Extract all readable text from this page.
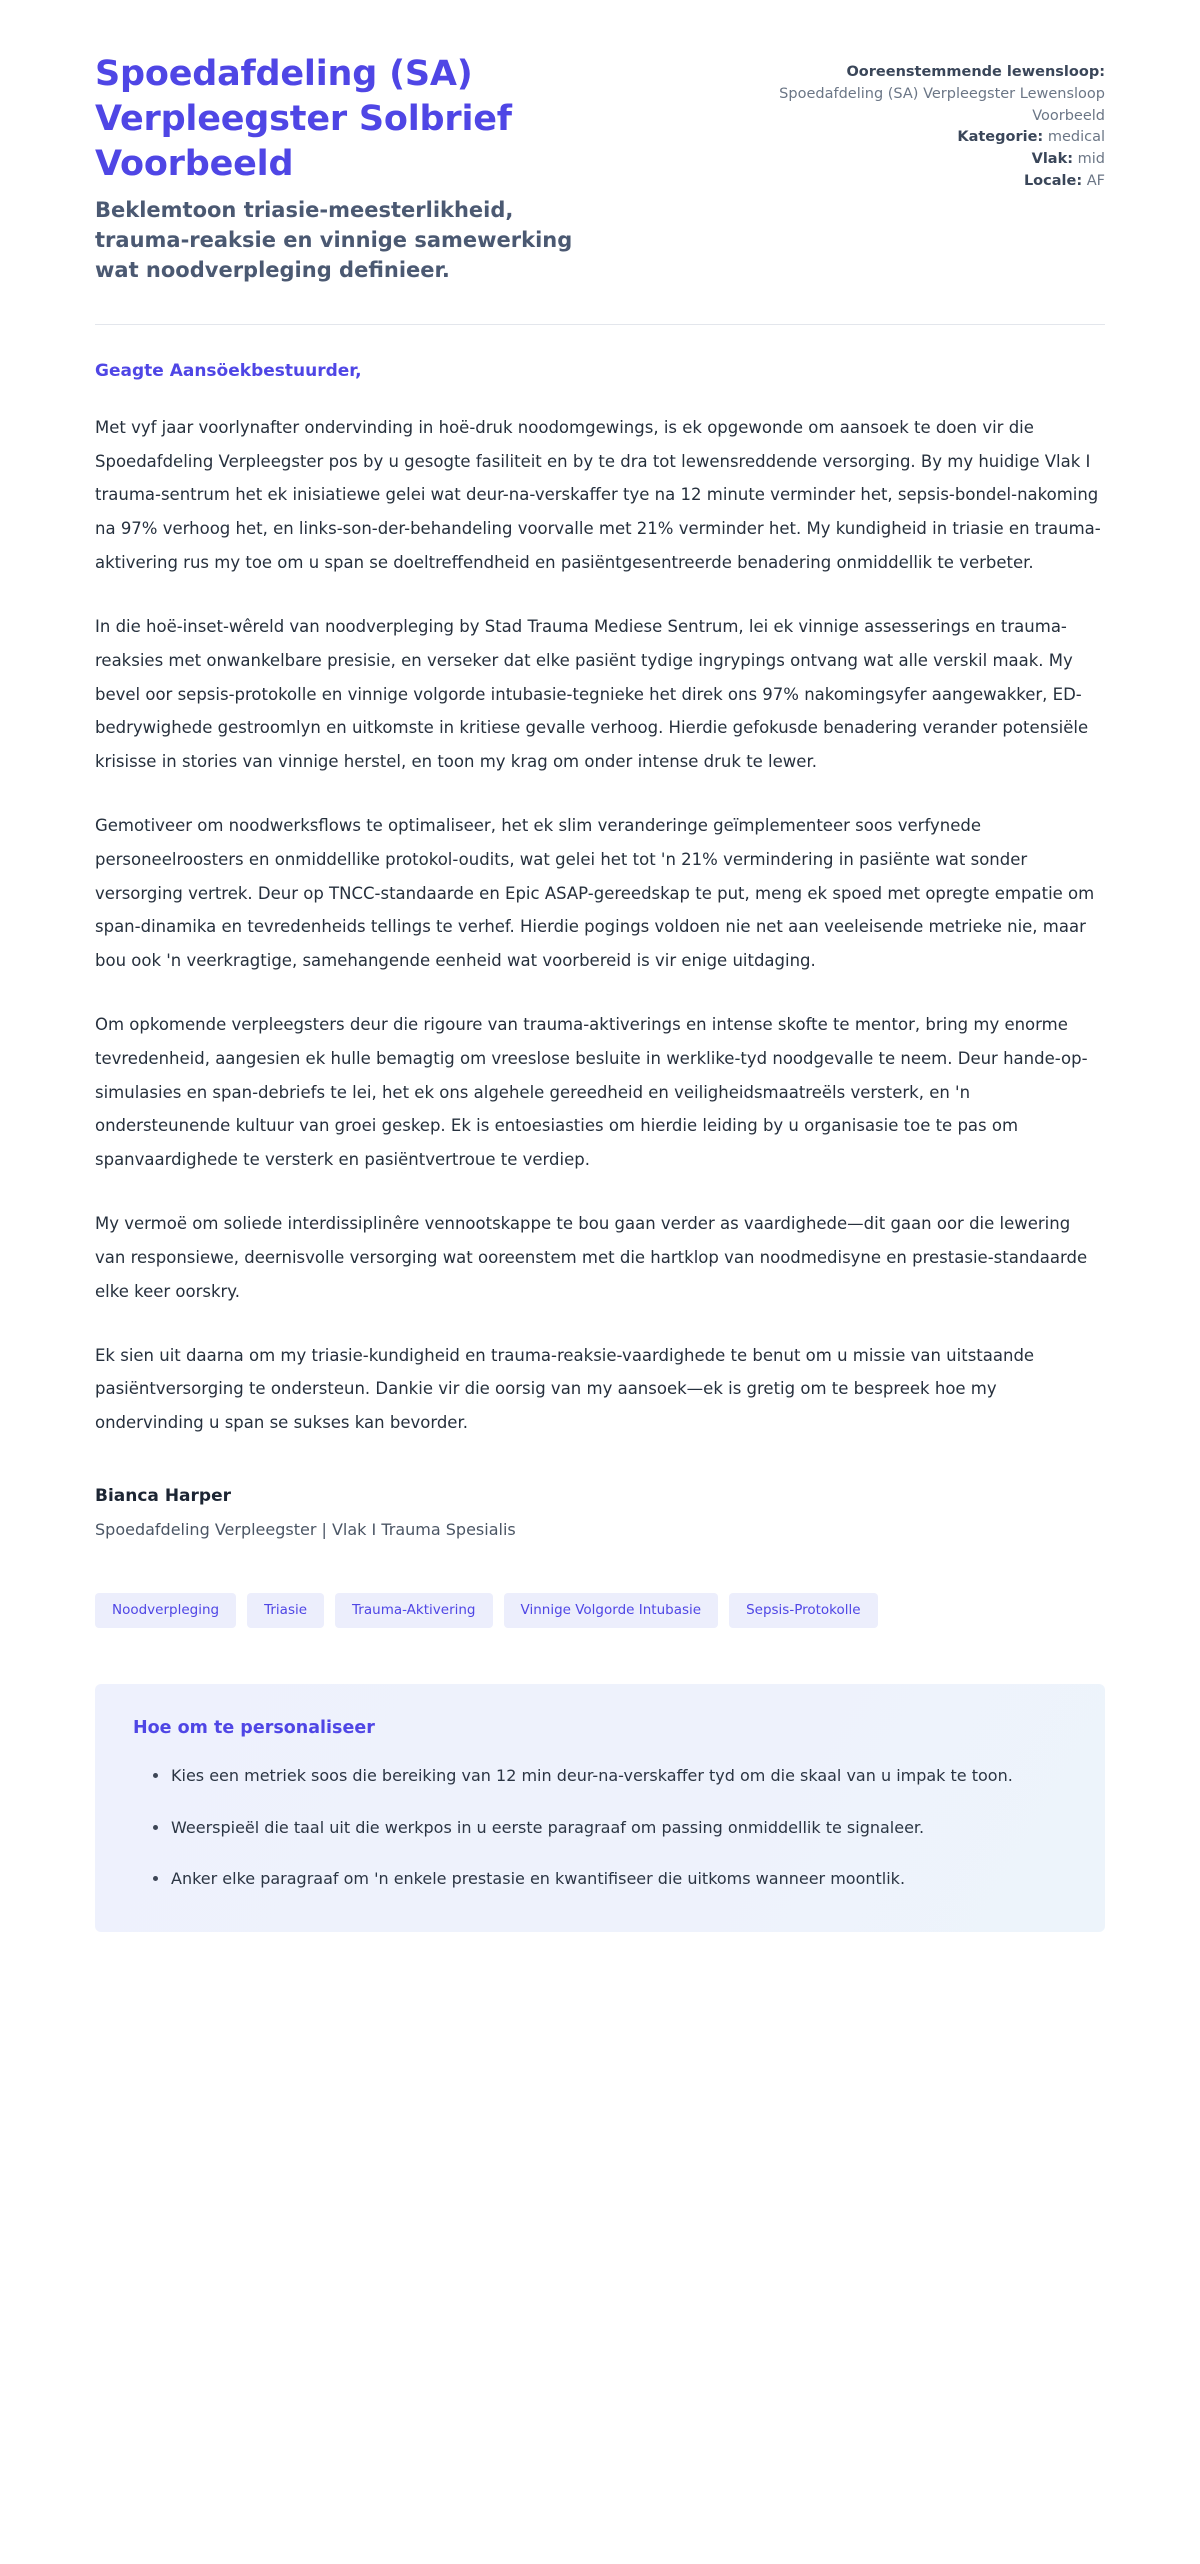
Spoedafdeling (SA) Verpleegster Solbrief Voorbeeld

Beklemtoon triasie-meesterlikheid, trauma-reaksie en vinnige samewerking wat noodverpleging definieer.

Ooreenstemmende lewensloop:
Spoedafdeling (SA) Verpleegster Lewensloop Voorbeeld

Kategorie: medical

Vlak: mid

Locale: AF

Geagte Aansöekbestuurder,

Met vyf jaar voorlynafter ondervinding in hoë-druk noodomgewings, is ek opgewonde om aansoek te doen vir die Spoedafdeling Verpleegster pos by u gesogte fasiliteit en by te dra tot lewensreddende versorging. By my huidige Vlak I trauma-sentrum het ek inisiatiewe gelei wat deur-na-verskaffer tye na 12 minute verminder het, sepsis-bondel-nakoming na 97% verhoog het, en links-son-der-behandeling voorvalle met 21% verminder het. My kundigheid in triasie en trauma-aktivering rus my toe om u span se doeltreffendheid en pasiëntgesentreerde benadering onmiddellik te verbeter.

In die hoë-inset-wêreld van noodverpleging by Stad Trauma Mediese Sentrum, lei ek vinnige assesserings en trauma-reaksies met onwankelbare presisie, en verseker dat elke pasiënt tydige ingrypings ontvang wat alle verskil maak. My bevel oor sepsis-protokolle en vinnige volgorde intubasie-tegnieke het direk ons 97% nakomingsyfer aangewakker, ED-bedrywighede gestroomlyn en uitkomste in kritiese gevalle verhoog. Hierdie gefokusde benadering verander potensiële krisisse in stories van vinnige herstel, en toon my krag om onder intense druk te lewer.

Gemotiveer om noodwerksflows te optimaliseer, het ek slim veranderinge geïmplementeer soos verfynede personeelroosters en onmiddellike protokol-oudits, wat gelei het tot 'n 21% vermindering in pasiënte wat sonder versorging vertrek. Deur op TNCC-standaarde en Epic ASAP-gereedskap te put, meng ek spoed met opregte empatie om span-dinamika en tevredenheids tellings te verhef. Hierdie pogings voldoen nie net aan veeleisende metrieke nie, maar bou ook 'n veerkragtige, samehangende eenheid wat voorbereid is vir enige uitdaging.

Om opkomende verpleegsters deur die rigoure van trauma-aktiverings en intense skofte te mentor, bring my enorme tevredenheid, aangesien ek hulle bemagtig om vreeslose besluite in werklike-tyd noodgevalle te neem. Deur hande-op-simulasies en span-debriefs te lei, het ek ons algehele gereedheid en veiligheidsmaatreëls versterk, en 'n ondersteunende kultuur van groei geskep. Ek is entoesiasties om hierdie leiding by u organisasie toe te pas om spanvaardighede te versterk en pasiëntvertroue te verdiep.

My vermoë om soliede interdissiplinêre vennootskappe te bou gaan verder as vaardighede—dit gaan oor die lewering van responsiewe, deernisvolle versorging wat ooreenstem met die hartklop van noodmedisyne en prestasie-standaarde elke keer oorskry.

Ek sien uit daarna om my triasie-kundigheid en trauma-reaksie-vaardighede te benut om u missie van uitstaande pasiëntversorging te ondersteun. Dankie vir die oorsig van my aansoek—ek is gretig om te bespreek hoe my ondervinding u span se sukses kan bevorder.

Bianca Harper

Spoedafdeling Verpleegster | Vlak I Trauma Spesialis

Noodverpleging	Triasie	Trauma-Aktivering	Vinnige Volgorde Intubasie	Sepsis-Protokolle

Hoe om te personaliseer

Kies een metriek soos die bereiking van 12 min deur-na-verskaffer tyd om die skaal van u impak te toon.
Weerspieël die taal uit die werkpos in u eerste paragraaf om passing onmiddellik te signaleer.
Anker elke paragraaf om 'n enkele prestasie en kwantifiseer die uitkoms wanneer moontlik.
